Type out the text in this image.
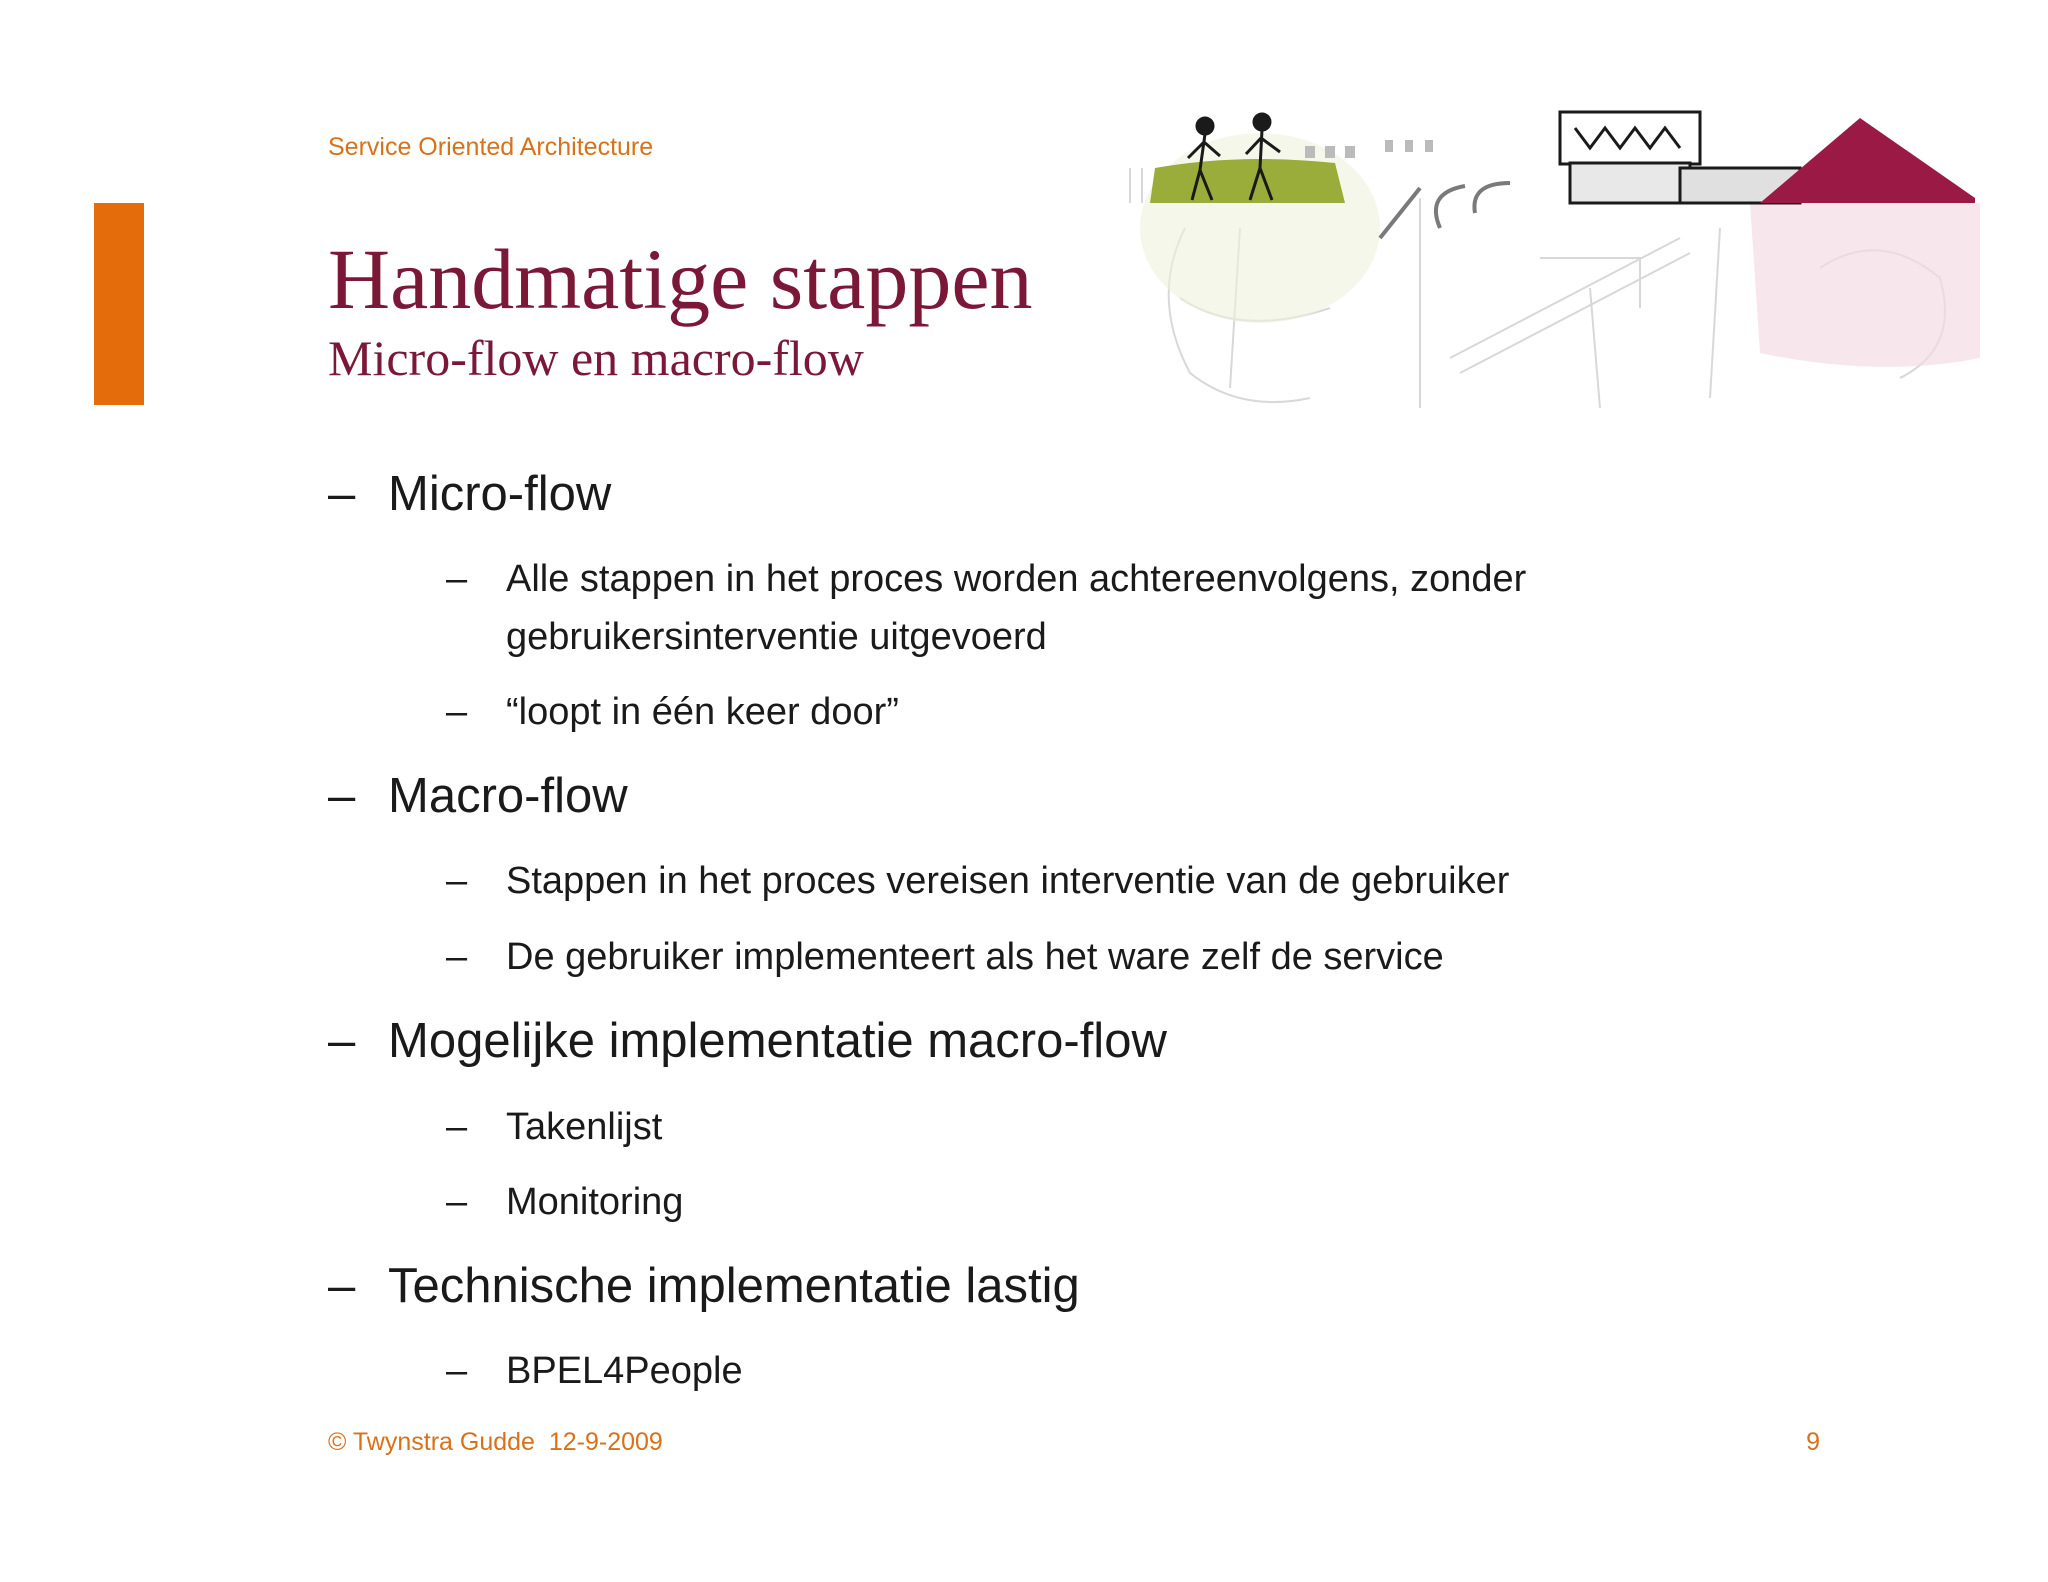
Service Oriented Architecture
Handmatige stappen
Micro-flow en macro-flow
– Micro-flow
– Alle stappen in het proces worden achtereenvolgens, zonder gebruikersinterventie uitgevoerd
– “loopt in één keer door”
– Macro-flow
– Stappen in het proces vereisen interventie van de gebruiker
– De gebruiker implementeert als het ware zelf de service
– Mogelijke implementatie macro-flow
– Takenlijst
– Monitoring
– Technische implementatie lastig
– BPEL4People
© Twynstra Gudde  12-9-2009	9
